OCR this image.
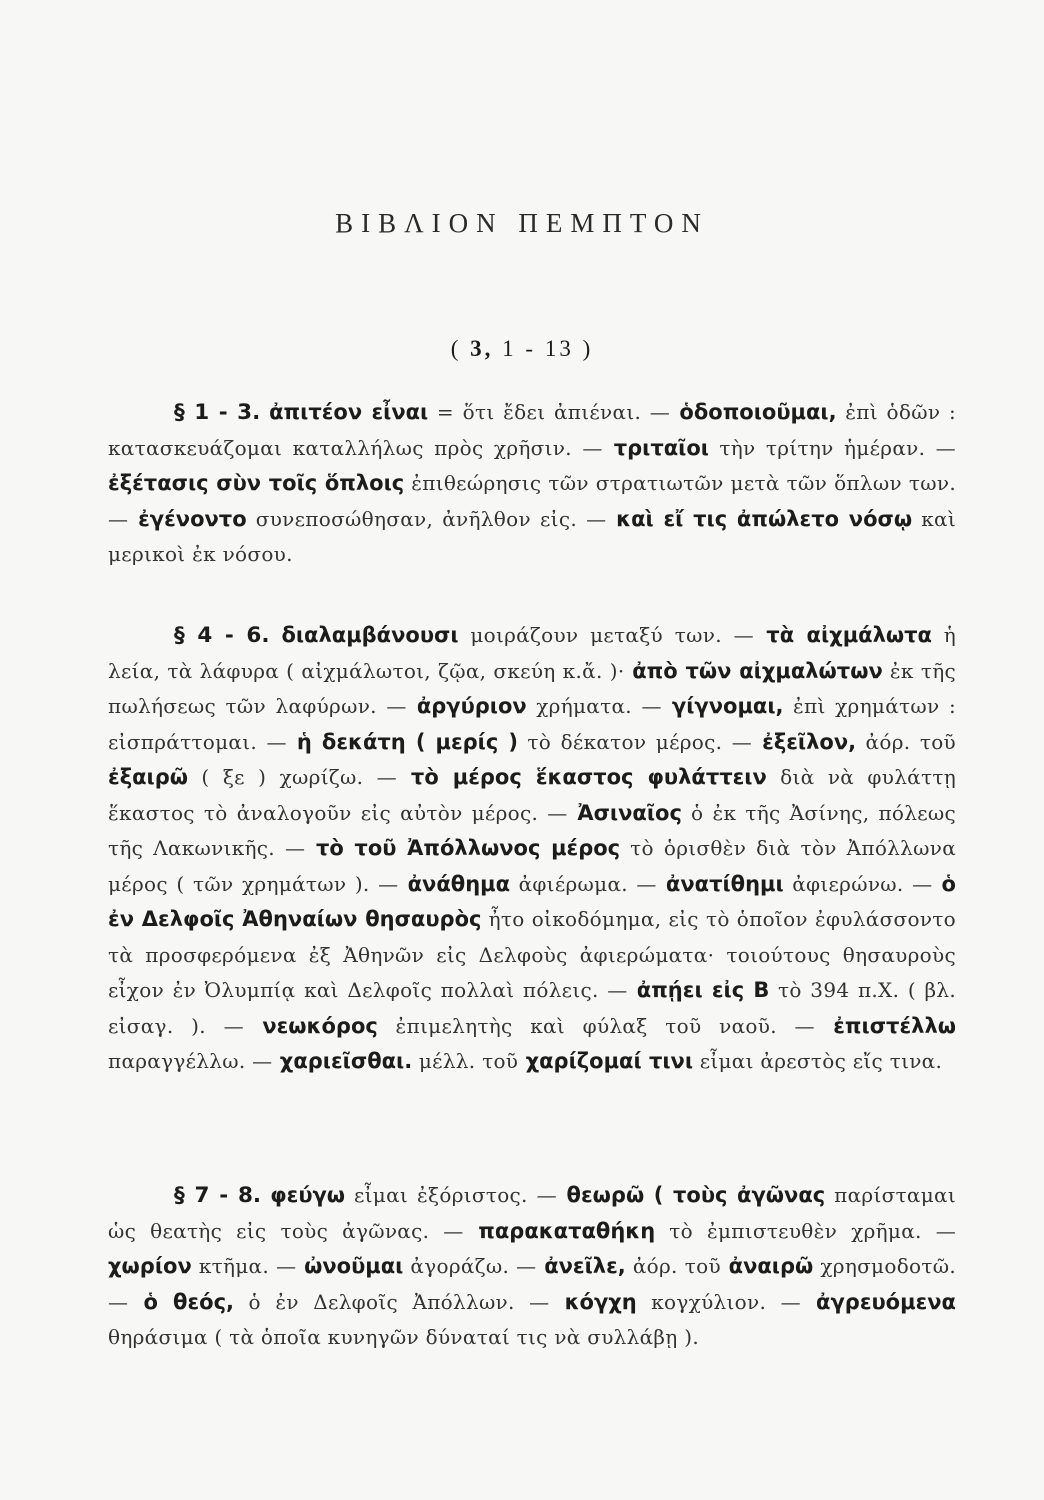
ΒΙΒΛΙΟΝ ΠΕΜΠΤΟΝ
( 3, 1 - 13 )
§ 1 - 3. ἀπιτέον εἶναι = ὅτι ἔδει ἀπιέναι. — ὁδοποιοῦμαι, ἐπὶ ὁδῶν : κατασκευάζομαι καταλλήλως πρὸς χρῆσιν. — τριταῖοι τὴν τρίτην ἡμέραν. — ἐξέτασις σὺν τοῖς ὅπλοις ἐπιθεώρησις τῶν στρατιωτῶν μετὰ τῶν ὅπλων των. — ἐγένοντο συνεποσώθησαν, ἀνῆλθον εἰς. — καὶ εἴ τις ἀπώλετο νόσῳ καὶ μερικοὶ ἐκ νόσου.
§ 4 - 6. διαλαμβάνουσι μοιράζουν μεταξύ των. — τὰ αἰχμάλωτα ἡ λεία, τὰ λάφυρα ( αἰχμάλωτοι, ζῷα, σκεύη κ.ἄ. )· ἀπὸ τῶν αἰχμαλώτων ἐκ τῆς πωλήσεως τῶν λαφύρων. — ἀργύριον χρήματα. — γίγνομαι, ἐπὶ χρημάτων : εἰσπράττομαι. — ἡ δεκάτη ( μερίς ) τὸ δέκατον μέρος. — ἐξεῖλον, ἀόρ. τοῦ ἐξαιρῶ ( ξε ) χωρίζω. — τὸ μέρος ἕκαστος φυλάττειν διὰ νὰ φυλάττῃ ἕκαστος τὸ ἀναλογοῦν εἰς αὐτὸν μέρος. — Ἀσιναῖος ὁ ἐκ τῆς Ἀσίνης, πόλεως τῆς Λακωνικῆς. — τὸ τοῦ Ἀπόλλωνος μέρος τὸ ὁρισθὲν διὰ τὸν Ἀπόλλωνα μέρος ( τῶν χρημάτων ). — ἀνάθημα ἀφιέρωμα. — ἀνατίθημι ἀφιερώνω. — ὁ ἐν Δελφοῖς Ἀθηναίων θησαυρὸς ἦτο οἰκοδόμημα, εἰς τὸ ὁποῖον ἐφυλάσσοντο τὰ προσφερόμενα ἐξ Ἀθηνῶν εἰς Δελφοὺς ἀφιερώματα· τοιούτους θησαυροὺς εἶχον ἐν Ὀλυμπίᾳ καὶ Δελφοῖς πολλαὶ πόλεις. — ἀπῄει εἰς Β τὸ 394 π.Χ. ( βλ. εἰσαγ. ). — νεωκόρος ἐπιμελητὴς καὶ φύλαξ τοῦ ναοῦ. — ἐπιστέλλω παραγγέλλω. — χαριεῖσθαι. μέλλ. τοῦ χαρίζομαί τινι εἶμαι ἀρεστὸς εἴς τινα.
§ 7 - 8. φεύγω εἶμαι ἐξόριστος. — θεωρῶ ( τοὺς ἀγῶνας παρίσταμαι ὡς θεατὴς εἰς τοὺς ἀγῶνας. — παρακαταθήκη τὸ ἐμπιστευθὲν χρῆμα. — χωρίον κτῆμα. — ὠνοῦμαι ἀγοράζω. — ἀνεῖλε, ἀόρ. τοῦ ἀναιρῶ χρησμοδοτῶ. — ὁ θεός, ὁ ἐν Δελφοῖς Ἀπόλλων. — κόγχη κογχύλιον. — ἀγρευόμενα θηράσιμα ( τὰ ὁποῖα κυνηγῶν δύναταί τις νὰ συλλάβῃ ).
